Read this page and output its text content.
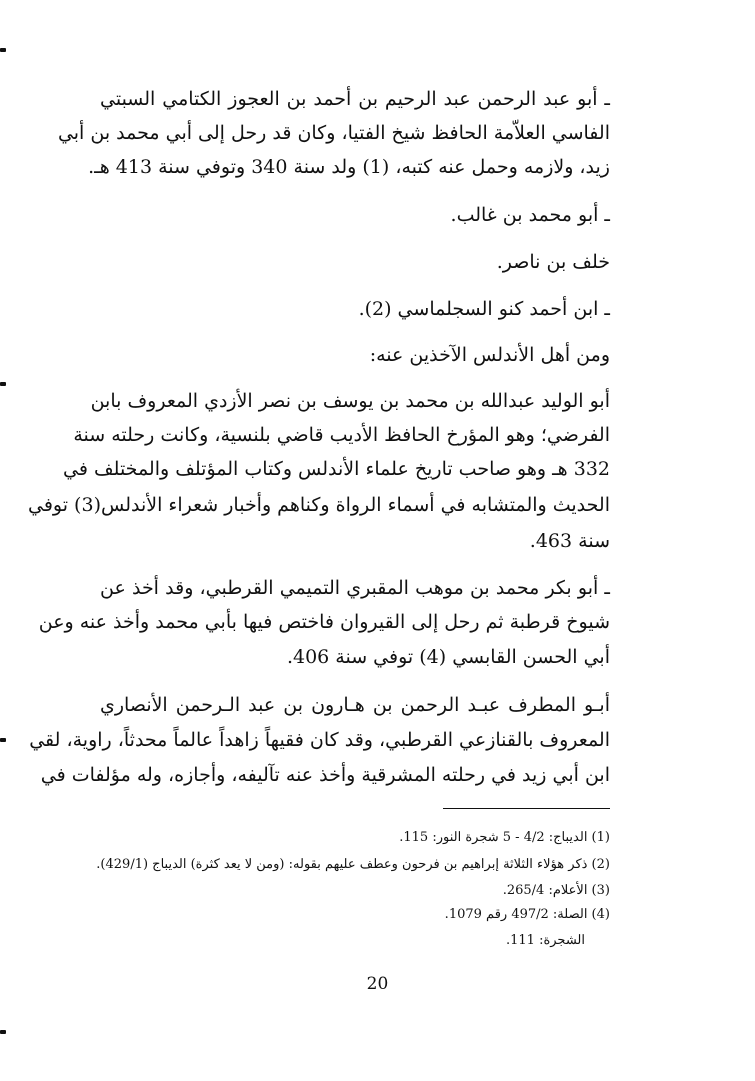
ـ أبو عبد الرحمن عبد الرحيم بن أحمد بن العجوز الكتامي السبتي
الفاسي العلاّمة الحافظ شيخ الفتيا، وكان قد رحل إلى أبي محمد بن أبي
زيد، ولازمه وحمل عنه كتبه، (1) ولد سنة 340 وتوفي سنة 413 هـ.
ـ أبو محمد بن غالب.
خلف بن ناصر.
ـ ابن أحمد كنو السجلماسي (2).
ومن أهل الأندلس الآخذين عنه:
أبو الوليد عبدالله بن محمد بن يوسف بن نصر الأزدي المعروف بابن
الفرضي؛ وهو المؤرخ الحافظ الأديب قاضي بلنسية، وكانت رحلته سنة
332 هـ وهو صاحب تاريخ علماء الأندلس وكتاب المؤتلف والمختلف في
الحديث والمتشابه في أسماء الرواة وكناهم وأخبار شعراء الأندلس(3) توفي
سنة 463.
ـ أبو بكر محمد بن موهب المقبري التميمي القرطبي، وقد أخذ عن
شيوخ قرطبة ثم رحل إلى القيروان فاختص فيها بأبي محمد وأخذ عنه وعن
أبي الحسن القابسي (4) توفي سنة 406.
أبـو المطرف عبـد الرحمن بن هـارون بن عبد الـرحمن الأنصاري
المعروف بالقنازعي القرطبي، وقد كان فقيهاً زاهداً عالماً محدثاً، راوية، لقي
ابن أبي زيد في رحلته المشرقية وأخذ عنه تآليفه، وأجازه، وله مؤلفات في
(1) الديباج: 4/2 - 5 شجرة النور: 115.
(2) ذكر هؤلاء الثلاثة إبراهيم بن فرحون وعطف عليهم بقوله: (ومن لا يعد كثرة) الديباج (429/1).
(3) الأعلام: 265/4.
(4) الصلة: 497/2 رقم 1079.
الشجرة: 111.
20
